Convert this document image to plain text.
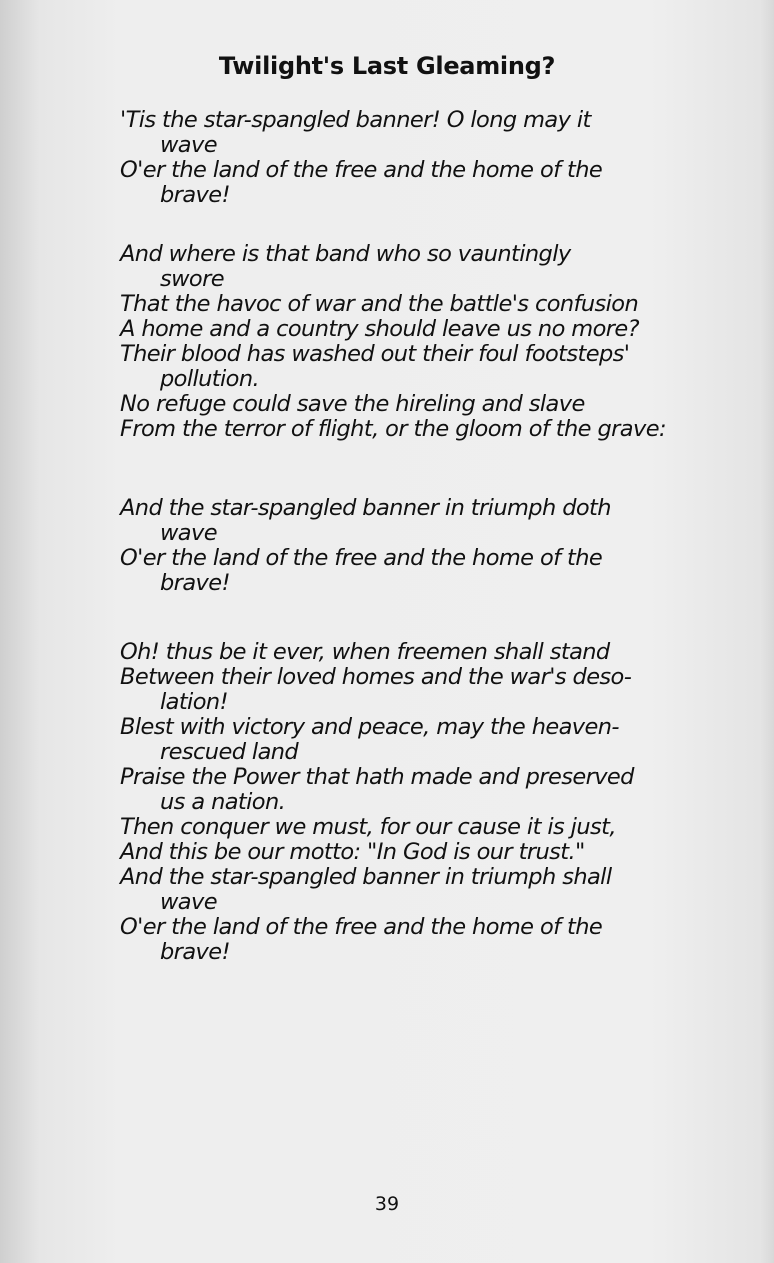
Twilight's Last Gleaming?
'Tis the star-spangled banner! O long may it
wave
O'er the land of the free and the home of the
brave!
And where is that band who so vauntingly
swore
That the havoc of war and the battle's confusion
A home and a country should leave us no more?
Their blood has washed out their foul footsteps'
pollution.
No refuge could save the hireling and slave
From the terror of flight, or the gloom of the grave:
And the star-spangled banner in triumph doth
wave
O'er the land of the free and the home of the
brave!
Oh! thus be it ever, when freemen shall stand
Between their loved homes and the war's deso-
lation!
Blest with victory and peace, may the heaven-
rescued land
Praise the Power that hath made and preserved
us a nation.
Then conquer we must, for our cause it is just,
And this be our motto: "In God is our trust."
And the star-spangled banner in triumph shall
wave
O'er the land of the free and the home of the
brave!
39
